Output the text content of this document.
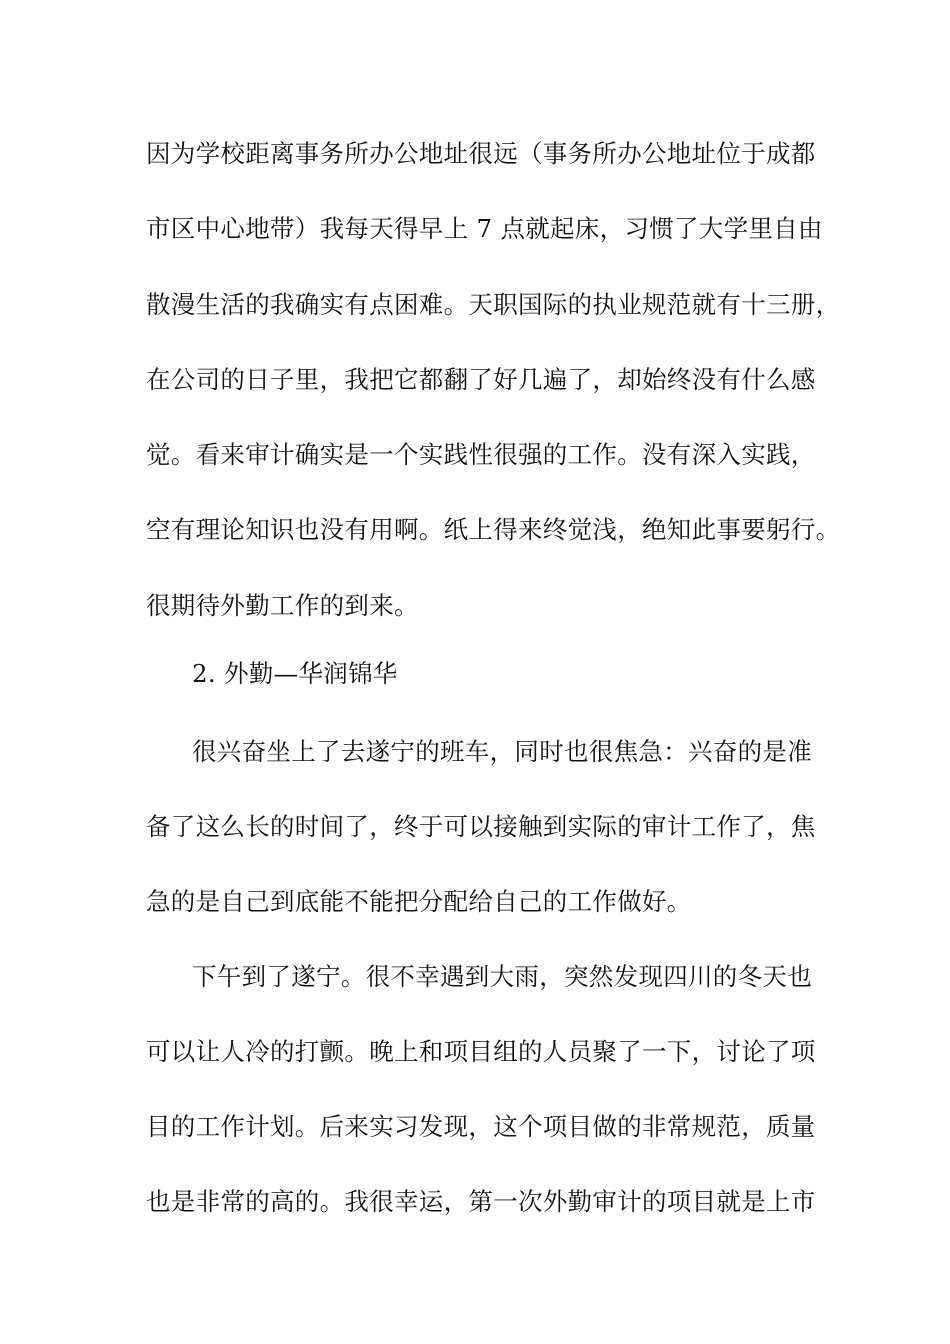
因为学校距离事务所办公地址很远（事务所办公地址位于成都
市区中心地带）我每天得早上 7 点就起床，习惯了大学里自由
散漫生活的我确实有点困难。天职国际的执业规范就有十三册，
在公司的日子里，我把它都翻了好几遍了，却始终没有什么感
觉。看来审计确实是一个实践性很强的工作。没有深入实践，
空有理论知识也没有用啊。纸上得来终觉浅，绝知此事要躬行。
很期待外勤工作的到来。
2. 外勤—华润锦华
很兴奋坐上了去遂宁的班车，同时也很焦急：兴奋的是准
备了这么长的时间了，终于可以接触到实际的审计工作了，焦
急的是自己到底能不能把分配给自己的工作做好。
下午到了遂宁。很不幸遇到大雨，突然发现四川的冬天也
可以让人冷的打颤。晚上和项目组的人员聚了一下，讨论了项
目的工作计划。后来实习发现，这个项目做的非常规范，质量
也是非常的高的。我很幸运，第一次外勤审计的项目就是上市
